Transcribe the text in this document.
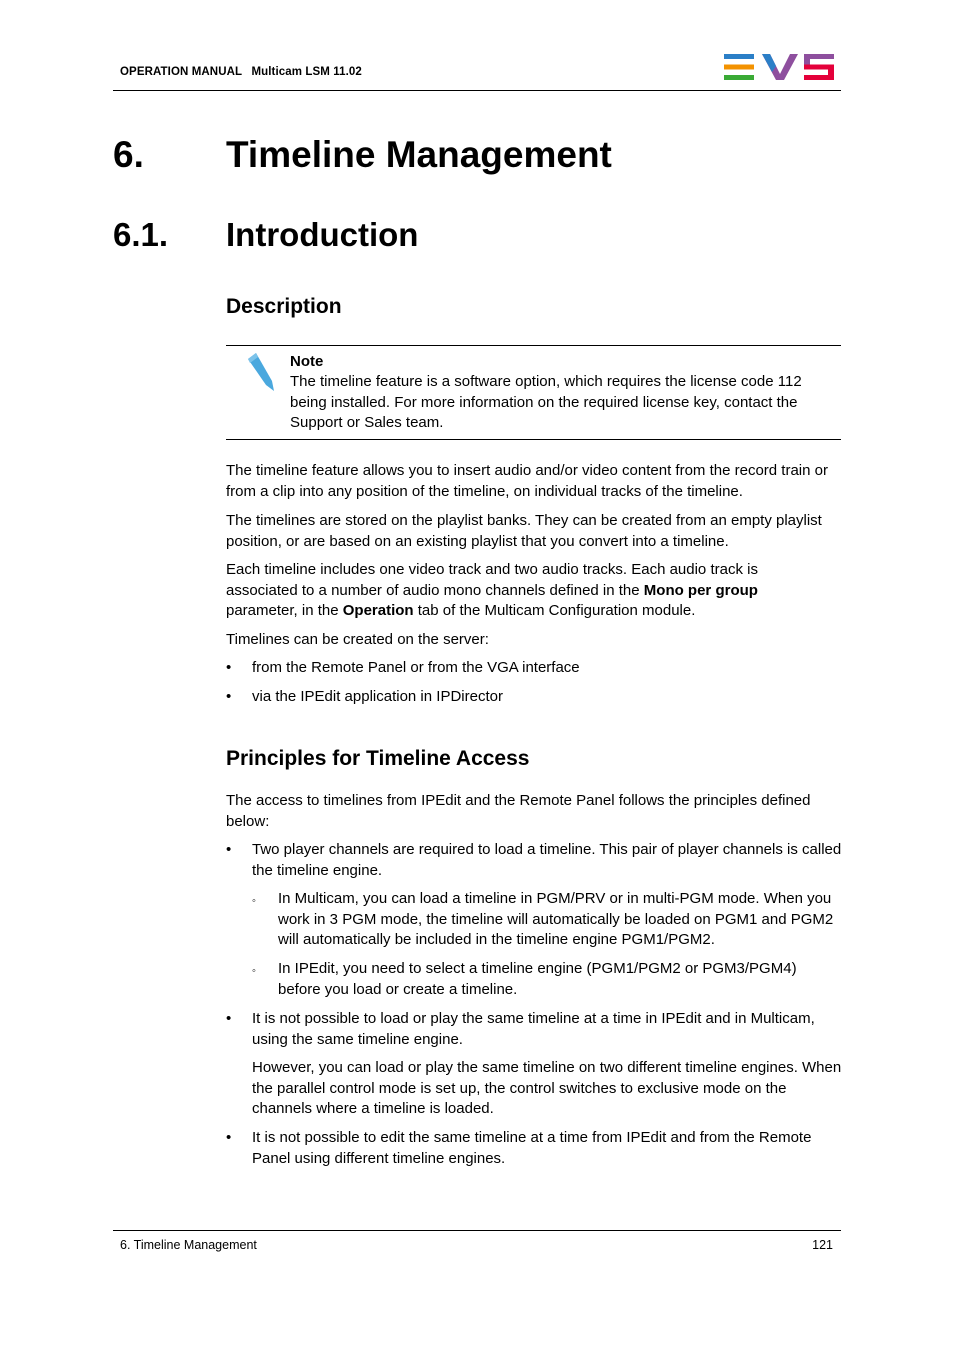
OPERATION MANUAL Multicam LSM 11.02
6. Timeline Management
6.1. Introduction
Description
Note
The timeline feature is a software option, which requires the license code 112 being installed. For more information on the required license key, contact the Support or Sales team.
The timeline feature allows you to insert audio and/or video content from the record train or from a clip into any position of the timeline, on individual tracks of the timeline.
The timelines are stored on the playlist banks. They can be created from an empty playlist position, or are based on an existing playlist that you convert into a timeline.
Each timeline includes one video track and two audio tracks. Each audio track is associated to a number of audio mono channels defined in the Mono per group parameter, in the Operation tab of the Multicam Configuration module.
Timelines can be created on the server:
• from the Remote Panel or from the VGA interface
• via the IPEdit application in IPDirector
Principles for Timeline Access
The access to timelines from IPEdit and the Remote Panel follows the principles defined below:
• Two player channels are required to load a timeline. This pair of player channels is called the timeline engine.
◦ In Multicam, you can load a timeline in PGM/PRV or in multi-PGM mode. When you work in 3 PGM mode, the timeline will automatically be loaded on PGM1 and PGM2 will automatically be included in the timeline engine PGM1/PGM2.
◦ In IPEdit, you need to select a timeline engine (PGM1/PGM2 or PGM3/PGM4) before you load or create a timeline.
• It is not possible to load or play the same timeline at a time in IPEdit and in Multicam, using the same timeline engine.
However, you can load or play the same timeline on two different timeline engines. When the parallel control mode is set up, the control switches to exclusive mode on the channels where a timeline is loaded.
• It is not possible to edit the same timeline at a time from IPEdit and from the Remote Panel using different timeline engines.
6. Timeline Management	121
